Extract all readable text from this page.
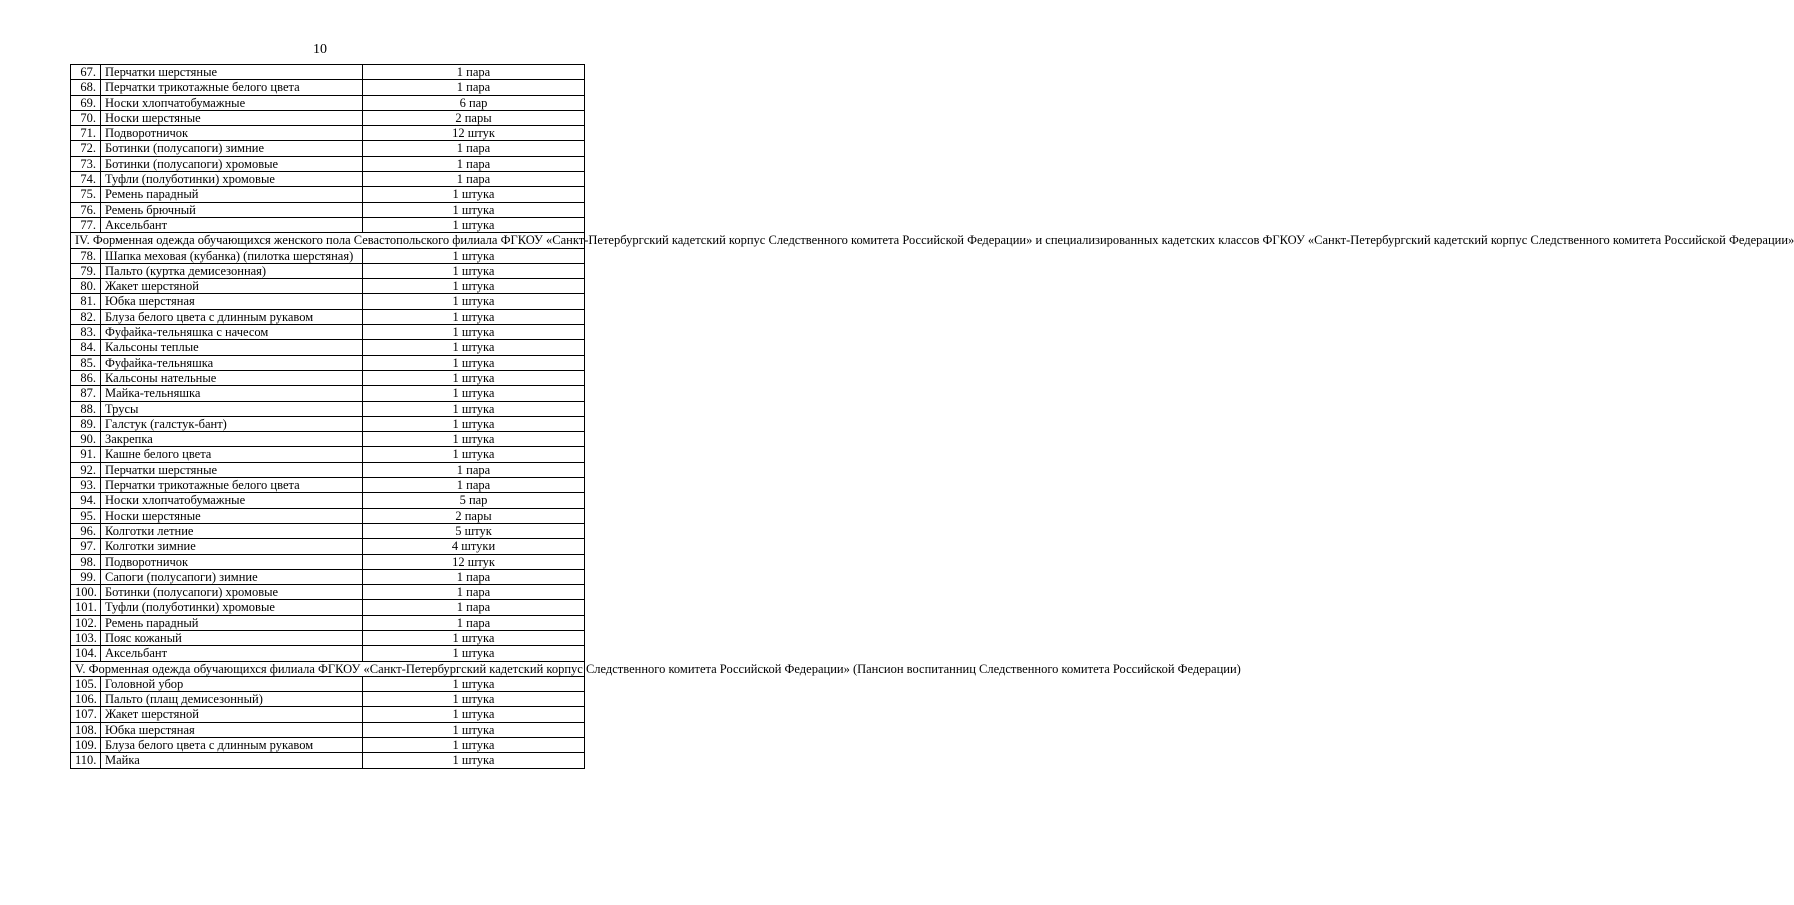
10
67.	Перчатки шерстяные	1 пара
68.	Перчатки трикотажные белого цвета	1 пара
69.	Носки хлопчатобумажные	6 пар
70.	Носки шерстяные	2 пары
71.	Подворотничок	12 штук
72.	Ботинки (полусапоги) зимние	1 пара
73.	Ботинки (полусапоги) хромовые	1 пара
74.	Туфли (полуботинки) хромовые	1 пара
75.	Ремень парадный	1 штука
76.	Ремень брючный	1 штука
77.	Аксельбант	1 штука
IV. Форменная одежда обучающихся женского пола Севастопольского филиала ФГКОУ «Санкт-Петербургский кадетский корпус Следственного комитета Российской Федерации» и специализированных кадетских классов ФГКОУ «Санкт-Петербургский кадетский корпус Следственного комитета Российской Федерации»		
78.	Шапка меховая (кубанка) (пилотка шерстяная)	1 штука
79.	Пальто (куртка демисезонная)	1 штука
80.	Жакет шерстяной	1 штука
81.	Юбка шерстяная	1 штука
82.	Блуза белого цвета с длинным рукавом	1 штука
83.	Фуфайка-тельняшка с начесом	1 штука
84.	Кальсоны теплые	1 штука
85.	Фуфайка-тельняшка	1 штука
86.	Кальсоны нательные	1 штука
87.	Майка-тельняшка	1 штука
88.	Трусы	1 штука
89.	Галстук (галстук-бант)	1 штука
90.	Закрепка	1 штука
91.	Кашне белого цвета	1 штука
92.	Перчатки шерстяные	1 пара
93.	Перчатки трикотажные белого цвета	1 пара
94.	Носки хлопчатобумажные	5 пар
95.	Носки шерстяные	2 пары
96.	Колготки летние	5 штук
97.	Колготки зимние	4 штуки
98.	Подворотничок	12 штук
99.	Сапоги (полусапоги) зимние	1 пара
100.	Ботинки (полусапоги) хромовые	1 пара
101.	Туфли (полуботинки) хромовые	1 пара
102.	Ремень парадный	1 пара
103.	Пояс кожаный	1 штука
104.	Аксельбант	1 штука
V. Форменная одежда обучающихся филиала ФГКОУ «Санкт-Петербургский кадетский корпус Следственного комитета Российской Федерации» (Пансион воспитанниц Следственного комитета Российской Федерации)		
105.	Головной убор	1 штука
106.	Пальто (плащ демисезонный)	1 штука
107.	Жакет шерстяной	1 штука
108.	Юбка шерстяная	1 штука
109.	Блуза белого цвета с длинным рукавом	1 штука
110.	Майка	1 штука
